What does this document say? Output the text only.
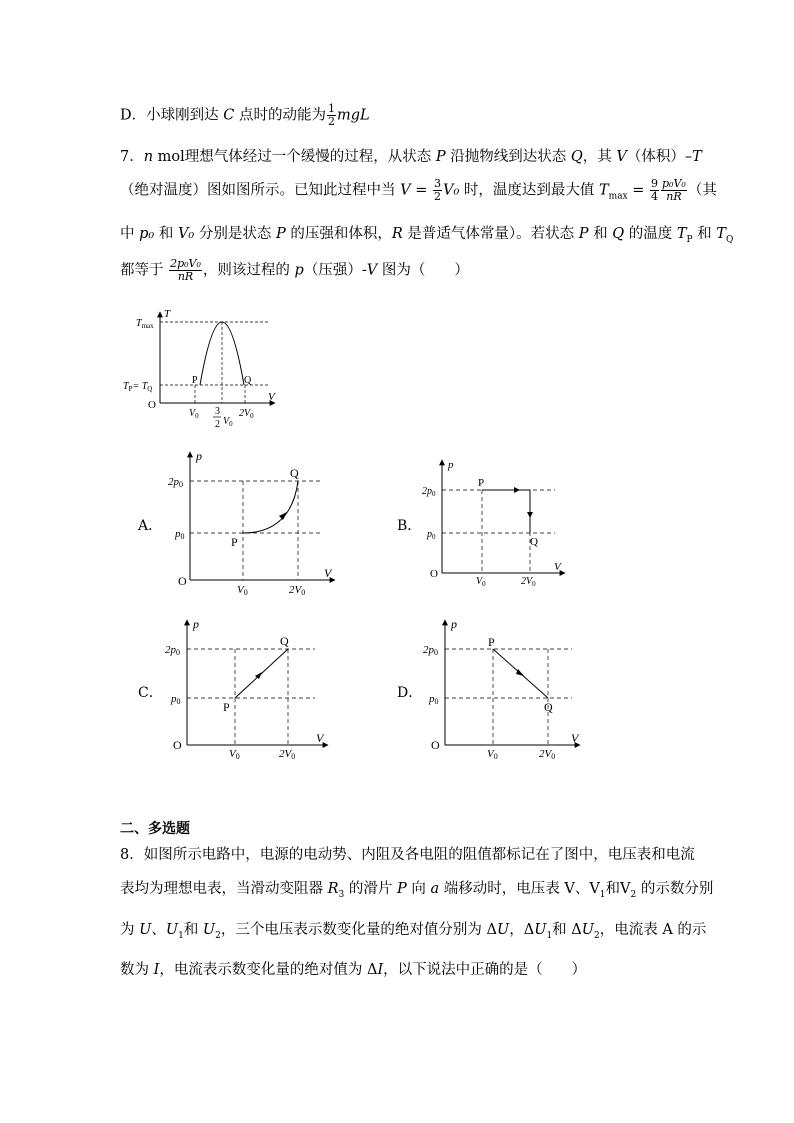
D．小球刚到达 C 点时的动能为 $\frac{1}{2}$ mgL
7．n mol理想气体经过一个缓慢的过程，从状态 P 沿抛物线到达状态 Q，其 V（体积）–T
（绝对温度）图如图所示。已知此过程中当 $V = \frac{3}{2} V_0$ 时，温度达到最大值 $T_{max} = \frac{9}{4} \frac{\text{p₀V₀}}{nR}$ （其
中 p₀ 和 V₀ 分别是状态 P 的压强和体积，R 是普适气体常量）。若状态 P 和 Q 的温度 $T_P$ 和 $T_Q$
都等于 $\frac{\text{2p₀V₀}}{nR}$ ，则该过程的 p（压强）-V 图为（　　）
T
V
$T_{max}$
$T_P= T_Q$
O
P	Q
$V_0$ 3
2 $V_0$
$2V_0$
A．
p
V
O
2p0
p0
V0	2V0
P
Q
B．
p
V
O
$2p_0$
$p_0$
$V_0$	$2V_0$
P
Q
C．
p
V
O
2p0
p0
V0	2V0
P
Q
D．
p
V
O
2p0
p0
V0	2V0
P
Q
二、多选题
8．如图所示电路中，电源的电动势、内阻及各电阻的阻值都标记在了图中，电压表和电流
表均为理想电表，当滑动变阻器 $R_3$ 的滑片 P 向 a 端移动时，电压表 V、$V_1$和$V_2$ 的示数分别
为 U、$U_1$和 $U_2$，三个电压表示数变化量的绝对值分别为 ΔU，$\Delta U_1$和 $\Delta U_2$，电流表 A 的示
数为 I，电流表示数变化量的绝对值为 ΔI，以下说法中正确的是（　　）
